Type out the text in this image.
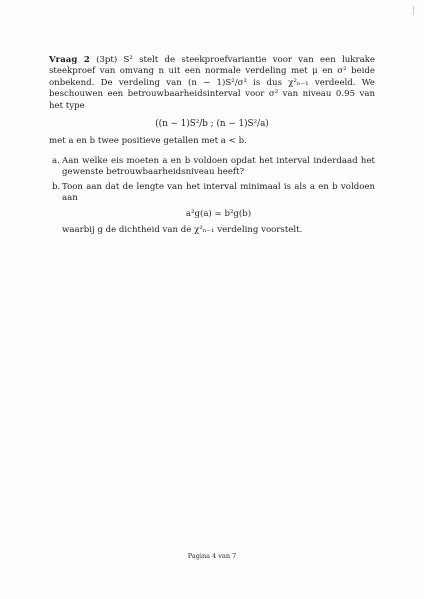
Vraag 2 (3pt) S² stelt de steekproefvariantie voor van een lukrake steekproef van omvang n uit een normale verdeling met μ en σ² beide onbekend. De verdeling van (n − 1)S²/σ² is dus χ²ₙ₋₁ verdeeld. We beschouwen een betrouwbaarheidsinterval voor σ² van niveau 0.95 van het type

((n − 1)S²/b ; (n − 1)S²/a)

met a en b twee positieve getallen met a < b.

a. Aan welke eis moeten a en b voldoen opdat het interval inderdaad het gewenste betrouwbaarheidsniveau heeft?
b. Toon aan dat de lengte van het interval minimaal is als a en b voldoen aan
a²g(a) = b²g(b)
waarbij g de dichtheid van de χ²ₙ₋₁ verdeling voorstelt.
Pagina 4 van 7
